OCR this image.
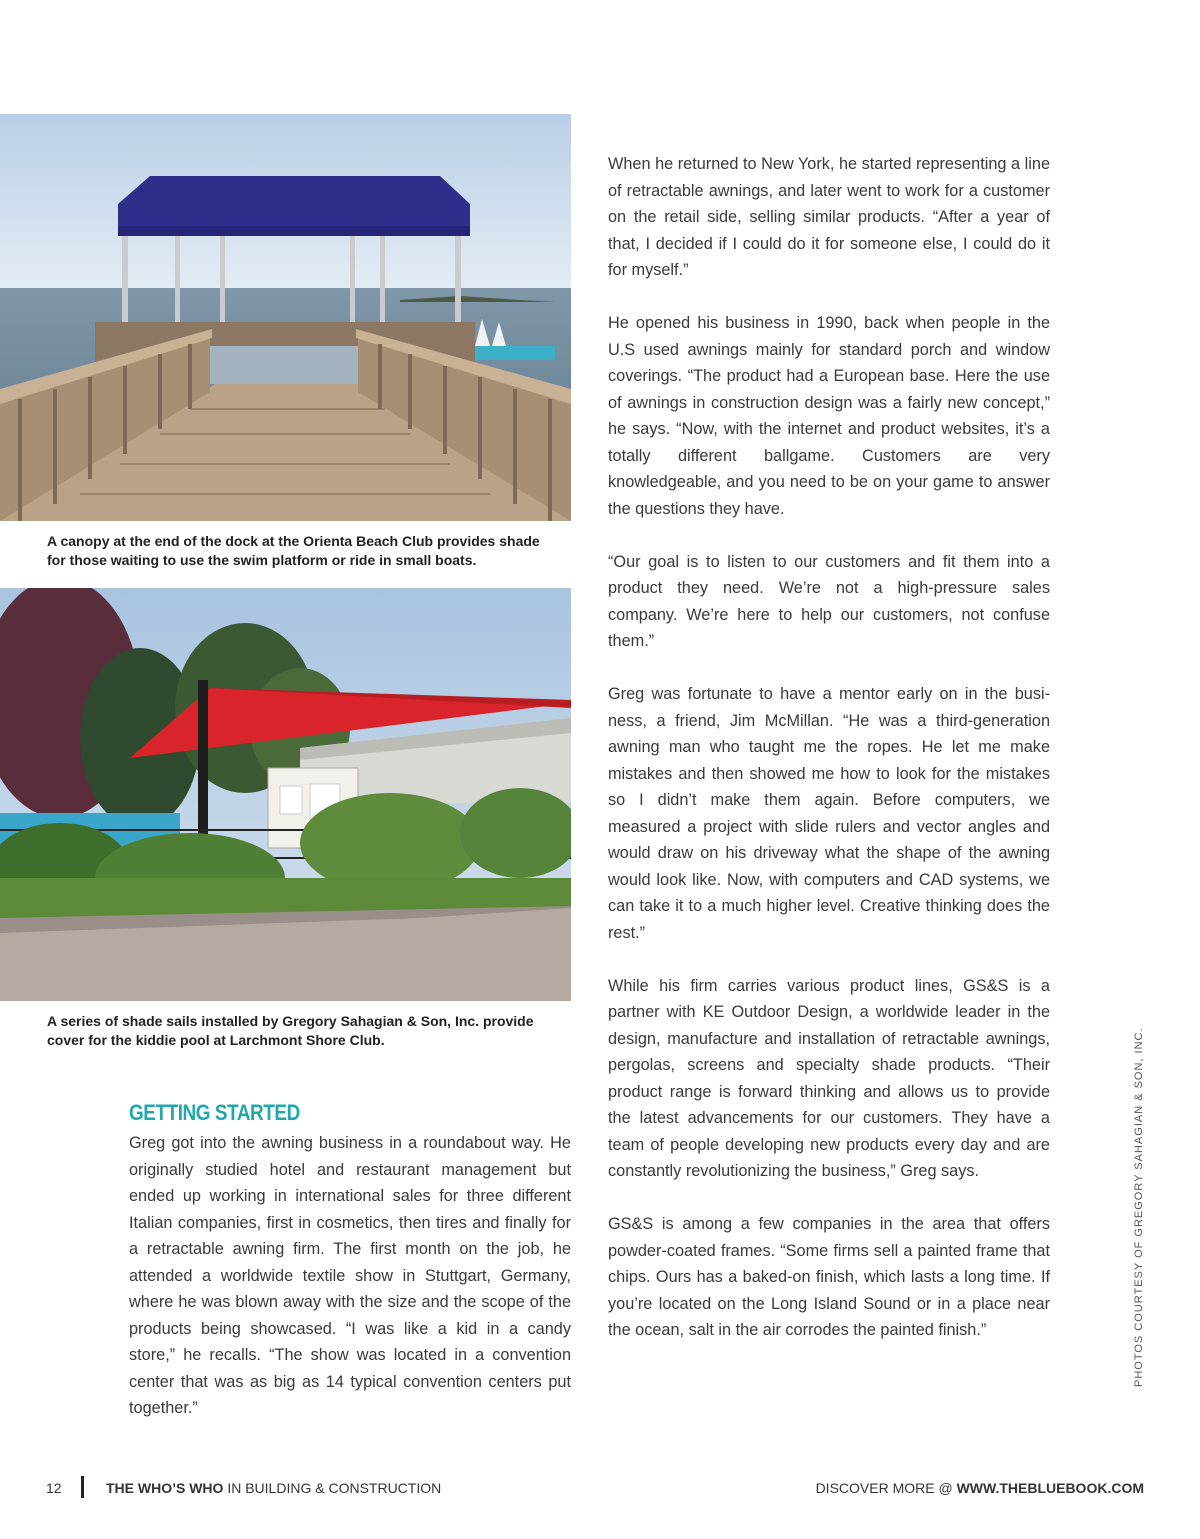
A canopy at the end of the dock at the Orienta Beach Club provides shade for those waiting to use the swim platform or ride in small boats.
A series of shade sails installed by Gregory Sahagian & Son, Inc. provide cover for the kiddie pool at Larchmont Shore Club.
GETTING STARTED

Greg got into the awning business in a roundabout way. He originally studied hotel and restaurant management but ended up working in international sales for three different Italian companies, first in cosmetics, then tires and finally for a retractable awning firm. The first month on the job, he attended a worldwide textile show in Stuttgart, Germany, where he was blown away with the size and the scope of the products being showcased. “I was like a kid in a candy store,” he recalls. “The show was located in a convention center that was as big as 14 typical convention centers put together.”

When he returned to New York, he started representing a line of retractable awnings, and later went to work for a customer on the retail side, selling similar products. “After a year of that, I decided if I could do it for someone else, I could do it for myself.”

He opened his business in 1990, back when people in the U.S used awnings mainly for standard porch and window coverings. “The product had a European base. Here the use of awnings in construction design was a fairly new concept,” he says. “Now, with the internet and product websites, it’s a totally different ballgame. Customers are very knowledgeable, and you need to be on your game to answer the questions they have.

“Our goal is to listen to our customers and fit them into a product they need. We’re not a high-pressure sales company. We’re here to help our customers, not confuse them.”

Greg was fortunate to have a mentor early on in the business, a friend, Jim McMillan. “He was a third-generation awning man who taught me the ropes. He let me make mistakes and then showed me how to look for the mistakes so I didn’t make them again. Before computers, we measured a project with slide rulers and vector angles and would draw on his driveway what the shape of the awning would look like. Now, with computers and CAD systems, we can take it to a much higher level. Creative thinking does the rest.”

While his firm carries various product lines, GS&S is a partner with KE Outdoor Design, a worldwide leader in the design, manufacture and installation of retractable awnings, pergolas, screens and specialty shade products. “Their product range is forward thinking and allows us to provide the latest advancements for our customers. They have a team of people developing new products every day and are constantly revolutionizing the business,” Greg says.

GS&S is among a few companies in the area that offers powder-coated frames. “Some firms sell a painted frame that chips. Ours has a baked-on finish, which lasts a long time. If you’re located on the Long Island Sound or in a place near the ocean, salt in the air corrodes the painted finish.”	PHOTOS COURTESY OF GREGORY SAHAGIAN & SON, INC.
12	THE WHO’S WHO IN BUILDING & CONSTRUCTION	DISCOVER MORE @ WWW.THEBLUEBOOK.COM
